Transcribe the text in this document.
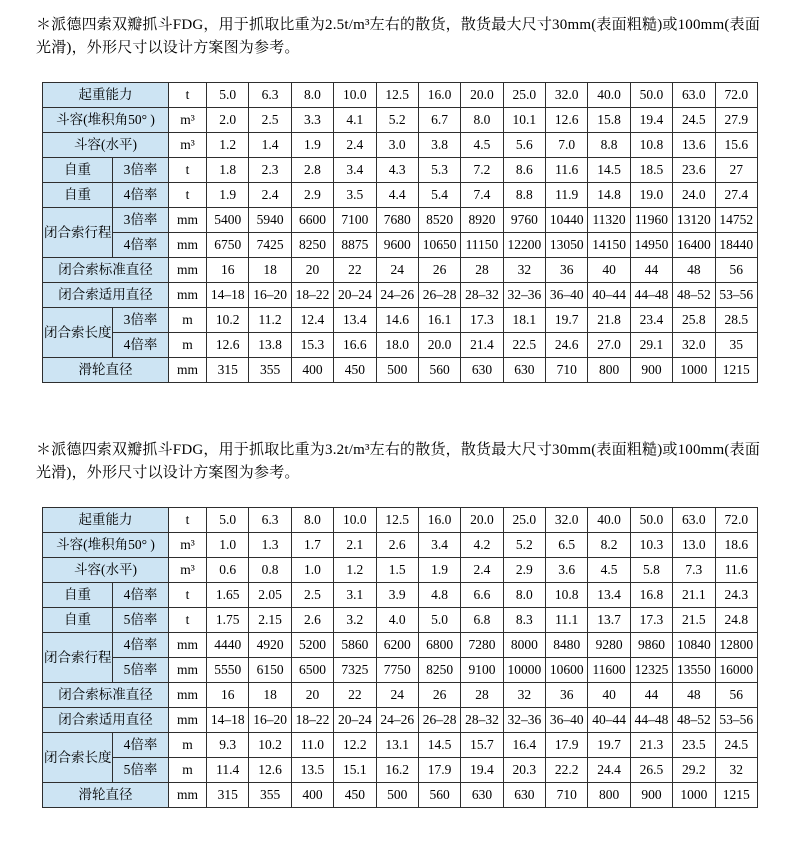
＊派德四索双瓣抓斗FDG，用于抓取比重为2.5t/m³左右的散货，散货最大尺寸30mm(表面粗糙)或100mm(表面光滑)，外形尺寸以设计方案图为参考。

起重能力		t	5.0	6.3	8.0	10.0	12.5	16.0	20.0	25.0	32.0	40.0	50.0	63.0	72.0
斗容(堆积角50° )		m³	2.0	2.5	3.3	4.1	5.2	6.7	8.0	10.1	12.6	15.8	19.4	24.5	27.9
斗容(水平)		m³	1.2	1.4	1.9	2.4	3.0	3.8	4.5	5.6	7.0	8.8	10.8	13.6	15.6
自重	3倍率	t	1.8	2.3	2.8	3.4	4.3	5.3	7.2	8.6	11.6	14.5	18.5	23.6	27
自重	4倍率	t	1.9	2.4	2.9	3.5	4.4	5.4	7.4	8.8	11.9	14.8	19.0	24.0	27.4
闭合索行程	3倍率	mm	5400	5940	6600	7100	7680	8520	8920	9760	10440	11320	11960	13120	14752
	4倍率	mm	6750	7425	8250	8875	9600	10650	11150	12200	13050	14150	14950	16400	18440
闭合索标准直径		mm	16	18	20	22	24	26	28	32	36	40	44	48	56
闭合索适用直径		mm	14–18	16–20	18–22	20–24	24–26	26–28	28–32	32–36	36–40	40–44	44–48	48–52	53–56
闭合索长度	3倍率	m	10.2	11.2	12.4	13.4	14.6	16.1	17.3	18.1	19.7	21.8	23.4	25.8	28.5
	4倍率	m	12.6	13.8	15.3	16.6	18.0	20.0	21.4	22.5	24.6	27.0	29.1	32.0	35
滑轮直径		mm	315	355	400	450	500	560	630	630	710	800	900	1000	1215

＊派德四索双瓣抓斗FDG，用于抓取比重为3.2t/m³左右的散货，散货最大尺寸30mm(表面粗糙)或100mm(表面光滑)，外形尺寸以设计方案图为参考。

起重能力		t	5.0	6.3	8.0	10.0	12.5	16.0	20.0	25.0	32.0	40.0	50.0	63.0	72.0
斗容(堆积角50° )		m³	1.0	1.3	1.7	2.1	2.6	3.4	4.2	5.2	6.5	8.2	10.3	13.0	18.6
斗容(水平)		m³	0.6	0.8	1.0	1.2	1.5	1.9	2.4	2.9	3.6	4.5	5.8	7.3	11.6
自重	4倍率	t	1.65	2.05	2.5	3.1	3.9	4.8	6.6	8.0	10.8	13.4	16.8	21.1	24.3
自重	5倍率	t	1.75	2.15	2.6	3.2	4.0	5.0	6.8	8.3	11.1	13.7	17.3	21.5	24.8
闭合索行程	4倍率	mm	4440	4920	5200	5860	6200	6800	7280	8000	8480	9280	9860	10840	12800
	5倍率	mm	5550	6150	6500	7325	7750	8250	9100	10000	10600	11600	12325	13550	16000
闭合索标准直径		mm	16	18	20	22	24	26	28	32	36	40	44	48	56
闭合索适用直径		mm	14–18	16–20	18–22	20–24	24–26	26–28	28–32	32–36	36–40	40–44	44–48	48–52	53–56
闭合索长度	4倍率	m	9.3	10.2	11.0	12.2	13.1	14.5	15.7	16.4	17.9	19.7	21.3	23.5	24.5
	5倍率	m	11.4	12.6	13.5	15.1	16.2	17.9	19.4	20.3	22.2	24.4	26.5	29.2	32
滑轮直径		mm	315	355	400	450	500	560	630	630	710	800	900	1000	1215
